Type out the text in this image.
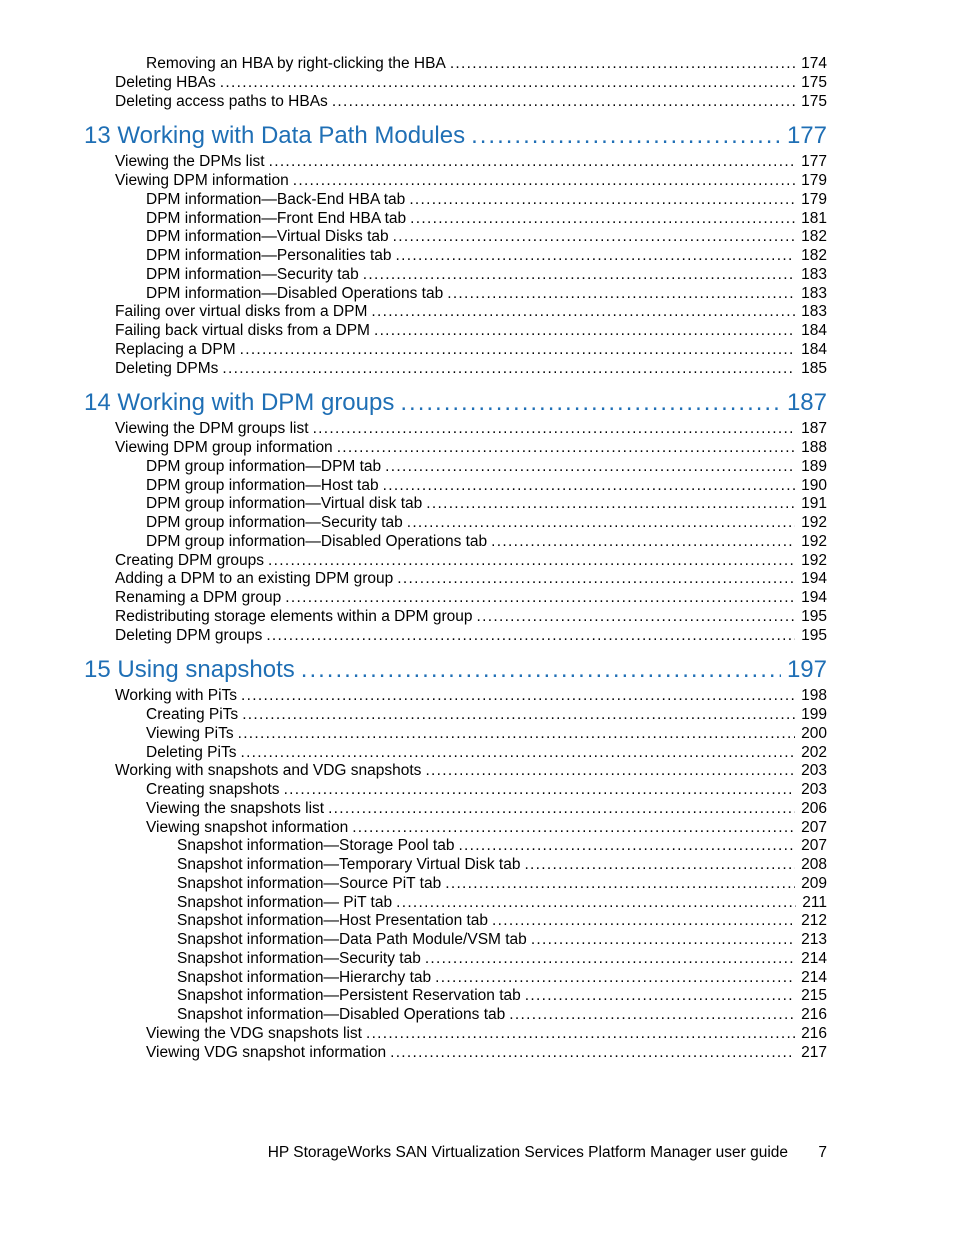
Removing an HBA by right-clicking the HBA .....	174
Deleting HBAs .....	175
Deleting access paths to HBAs .....	175
13 Working with Data Path Modules .....	177
Viewing the DPMs list .....	177
Viewing DPM information .....	179
DPM information—Back-End HBA tab .....	179
DPM information—Front End HBA tab .....	181
DPM information—Virtual Disks tab .....	182
DPM information—Personalities tab .....	182
DPM information—Security tab .....	183
DPM information—Disabled Operations tab .....	183
Failing over virtual disks from a DPM .....	183
Failing back virtual disks from a DPM .....	184
Replacing a DPM .....	184
Deleting DPMs .....	185
14 Working with DPM groups .....	187
Viewing the DPM groups list .....	187
Viewing DPM group information .....	188
DPM group information—DPM tab .....	189
DPM group information—Host tab .....	190
DPM group information—Virtual disk tab .....	191
DPM group information—Security tab .....	192
DPM group information—Disabled Operations tab .....	192
Creating DPM groups .....	192
Adding a DPM to an existing DPM group .....	194
Renaming a DPM group .....	194
Redistributing storage elements within a DPM group .....	195
Deleting DPM groups .....	195
15 Using snapshots .....	197
Working with PiTs .....	198
Creating PiTs .....	199
Viewing PiTs .....	200
Deleting PiTs .....	202
Working with snapshots and VDG snapshots .....	203
Creating snapshots .....	203
Viewing the snapshots list .....	206
Viewing snapshot information .....	207
Snapshot information—Storage Pool tab .....	207
Snapshot information—Temporary Virtual Disk tab .....	208
Snapshot information—Source PiT tab .....	209
Snapshot information— PiT tab .....	211
Snapshot information—Host Presentation tab .....	212
Snapshot information—Data Path Module/VSM tab .....	213
Snapshot information—Security tab .....	214
Snapshot information—Hierarchy tab .....	214
Snapshot information—Persistent Reservation tab .....	215
Snapshot information—Disabled Operations tab .....	216
Viewing the VDG snapshots list .....	216
Viewing VDG snapshot information .....	217
HP StorageWorks SAN Virtualization Services Platform Manager user guide 7
